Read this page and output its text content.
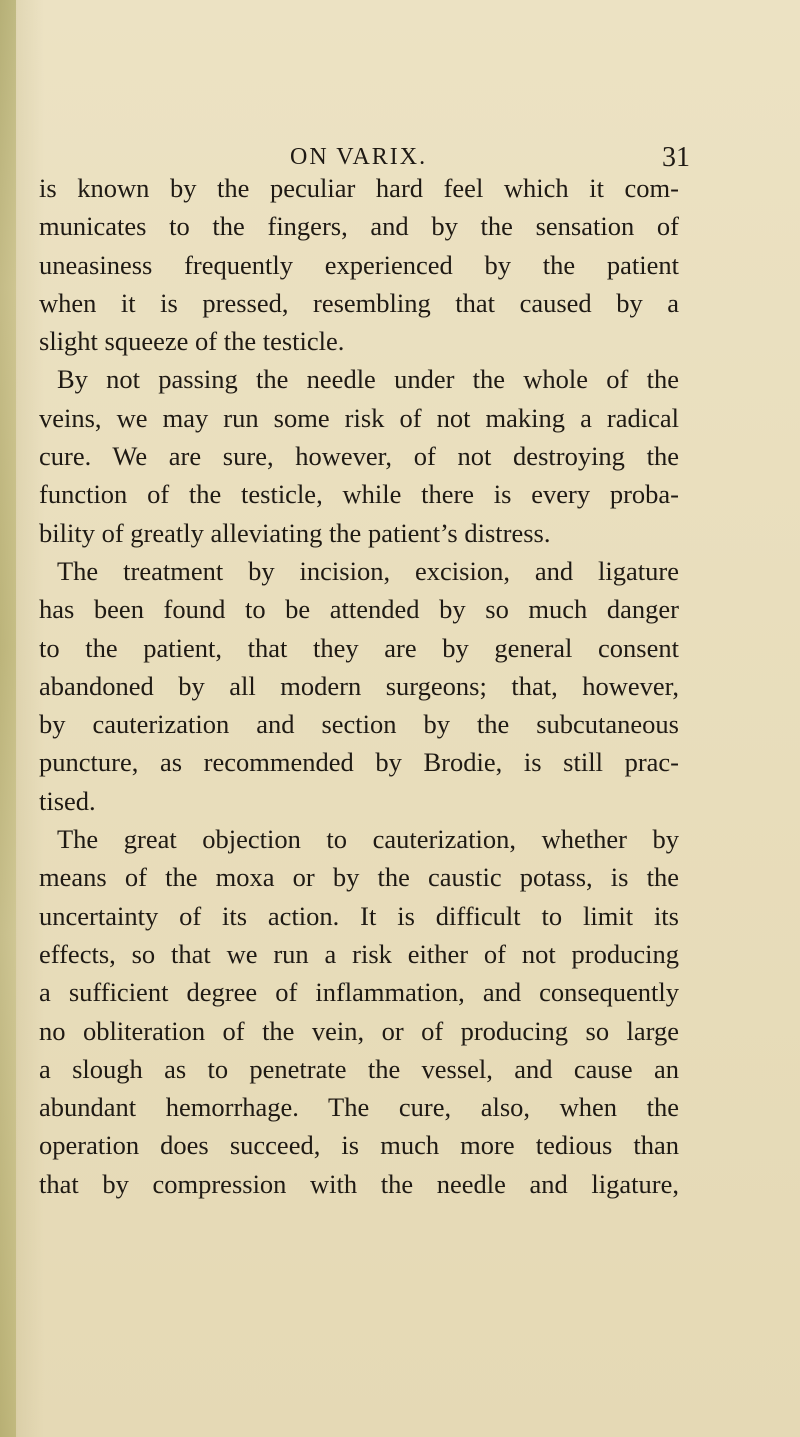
ON VARIX.	31
is known by the peculiar hard feel which it com-
municates to the fingers, and by the sensation of
uneasiness frequently experienced by the patient
when it is pressed, resembling that caused by a
slight squeeze of the testicle.
By not passing the needle under the whole of the
veins, we may run some risk of not making a radical
cure. We are sure, however, of not destroying the
function of the testicle, while there is every proba-
bility of greatly alleviating the patient’s distress.
The treatment by incision, excision, and ligature
has been found to be attended by so much danger
to the patient, that they are by general consent
abandoned by all modern surgeons; that, however,
by cauterization and section by the subcutaneous
puncture, as recommended by Brodie, is still prac-
tised.
The great objection to cauterization, whether by
means of the moxa or by the caustic potass, is the
uncertainty of its action. It is difficult to limit its
effects, so that we run a risk either of not producing
a sufficient degree of inflammation, and consequently
no obliteration of the vein, or of producing so large
a slough as to penetrate the vessel, and cause an
abundant hemorrhage. The cure, also, when the
operation does succeed, is much more tedious than
that by compression with the needle and ligature,
